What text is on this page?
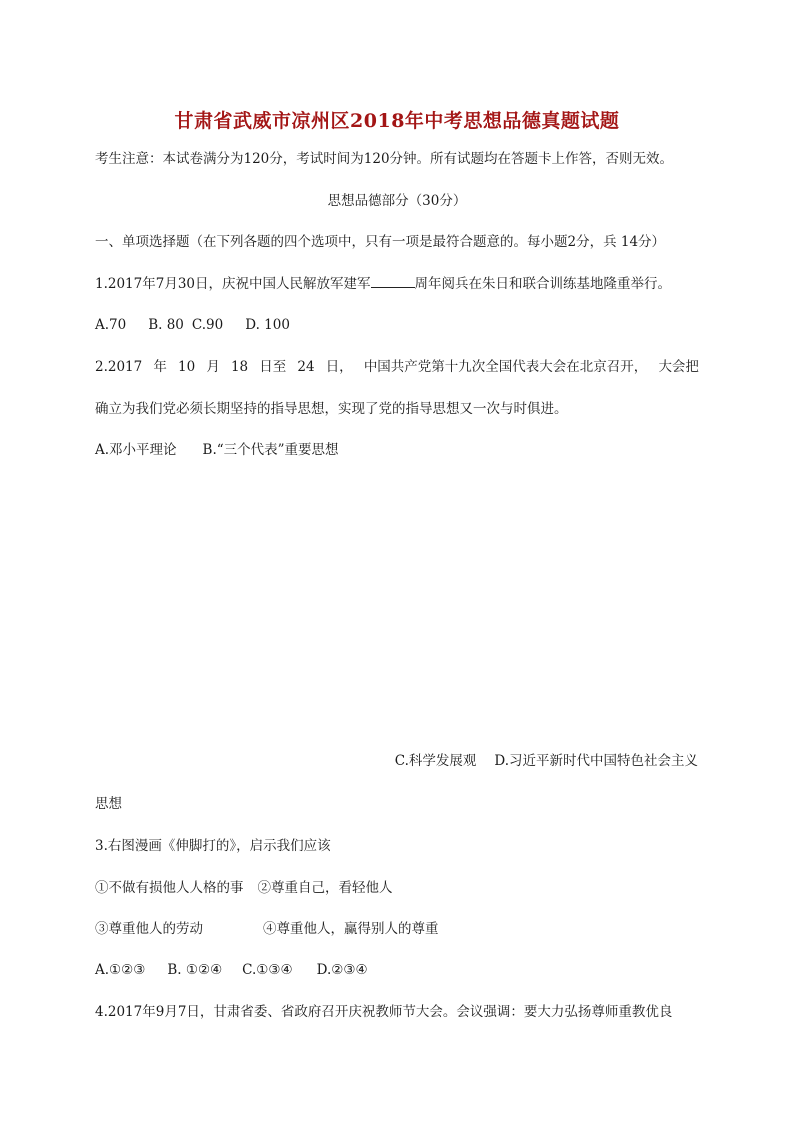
甘肃省武威市凉州区2018年中考思想品德真题试题
考生注意：本试卷满分为120分，考试时间为120分钟。所有试题均在答题卡上作答，否则无效。
思想品德部分（30分）
一、单项选择题（在下列各题的四个选项中，只有一项是最符合题意的。每小题2分，兵 14分）
1.2017年7月30日，庆祝中国人民解放军建军	周年阅兵在朱日和联合训练基地隆重举行。
A.70 B. 80 C.90 D. 100
2.2017 年 10 月 18 日至 24 日， 中国共产党第十九次全国代表大会在北京召开， 大会把
确立为我们党必须长期坚持的指导思想，实现了党的指导思想又一次与时俱进。
A.邓小平理论 B.“三个代表”重要思想
C.科学发展观 D.习近平新时代中国特色社会主义
思想
3.右图漫画《伸脚打的》，启示我们应该
①不做有损他人人格的事 ②尊重自己，看轻他人
③尊重他人的劳动	④尊重他人，赢得别人的尊重
A.①②③ B. ①②④ C.①③④ D.②③④
4.2017年9月7日，甘肃省委、省政府召开庆祝教师节大会。会议强调：要大力弘扬尊师重教优良
